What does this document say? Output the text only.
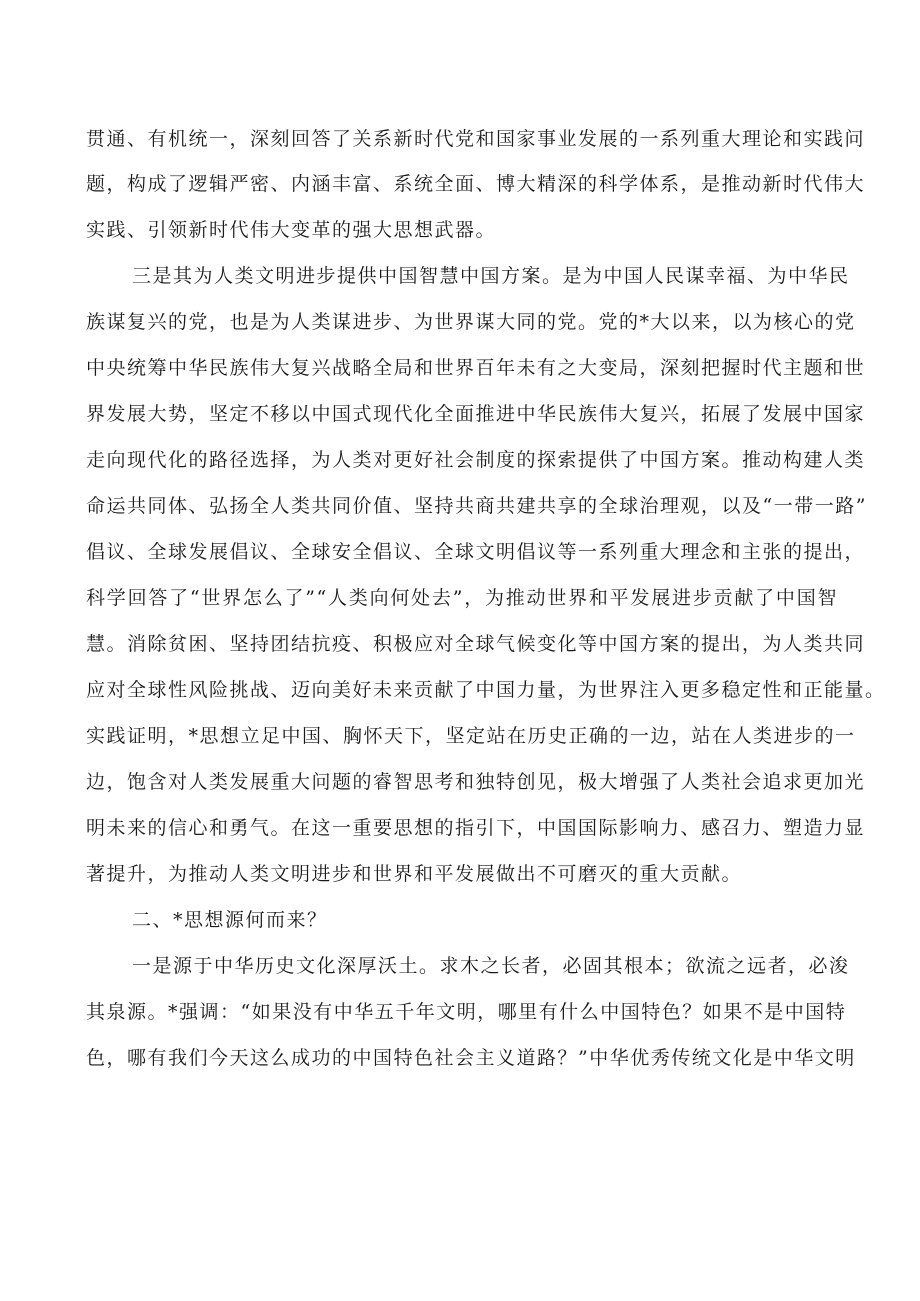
贯通、有机统一，深刻回答了关系新时代党和国家事业发展的一系列重大理论和实践问
题，构成了逻辑严密、内涵丰富、系统全面、博大精深的科学体系，是推动新时代伟大
实践、引领新时代伟大变革的强大思想武器。
三是其为人类文明进步提供中国智慧中国方案。是为中国人民谋幸福、为中华民
族谋复兴的党，也是为人类谋进步、为世界谋大同的党。党的*大以来，以为核心的党
中央统筹中华民族伟大复兴战略全局和世界百年未有之大变局，深刻把握时代主题和世
界发展大势，坚定不移以中国式现代化全面推进中华民族伟大复兴，拓展了发展中国家
走向现代化的路径选择，为人类对更好社会制度的探索提供了中国方案。推动构建人类
命运共同体、弘扬全人类共同价值、坚持共商共建共享的全球治理观，以及“一带一路”
倡议、全球发展倡议、全球安全倡议、全球文明倡议等一系列重大理念和主张的提出，
科学回答了“世界怎么了”“人类向何处去”，为推动世界和平发展进步贡献了中国智
慧。消除贫困、坚持团结抗疫、积极应对全球气候变化等中国方案的提出，为人类共同
应对全球性风险挑战、迈向美好未来贡献了中国力量，为世界注入更多稳定性和正能量。
实践证明，*思想立足中国、胸怀天下，坚定站在历史正确的一边，站在人类进步的一
边，饱含对人类发展重大问题的睿智思考和独特创见，极大增强了人类社会追求更加光
明未来的信心和勇气。在这一重要思想的指引下，中国国际影响力、感召力、塑造力显
著提升，为推动人类文明进步和世界和平发展做出不可磨灭的重大贡献。
二、*思想源何而来？
一是源于中华历史文化深厚沃土。求木之长者，必固其根本；欲流之远者，必浚
其泉源。*强调：“如果没有中华五千年文明，哪里有什么中国特色？如果不是中国特
色，哪有我们今天这么成功的中国特色社会主义道路？”中华优秀传统文化是中华文明
